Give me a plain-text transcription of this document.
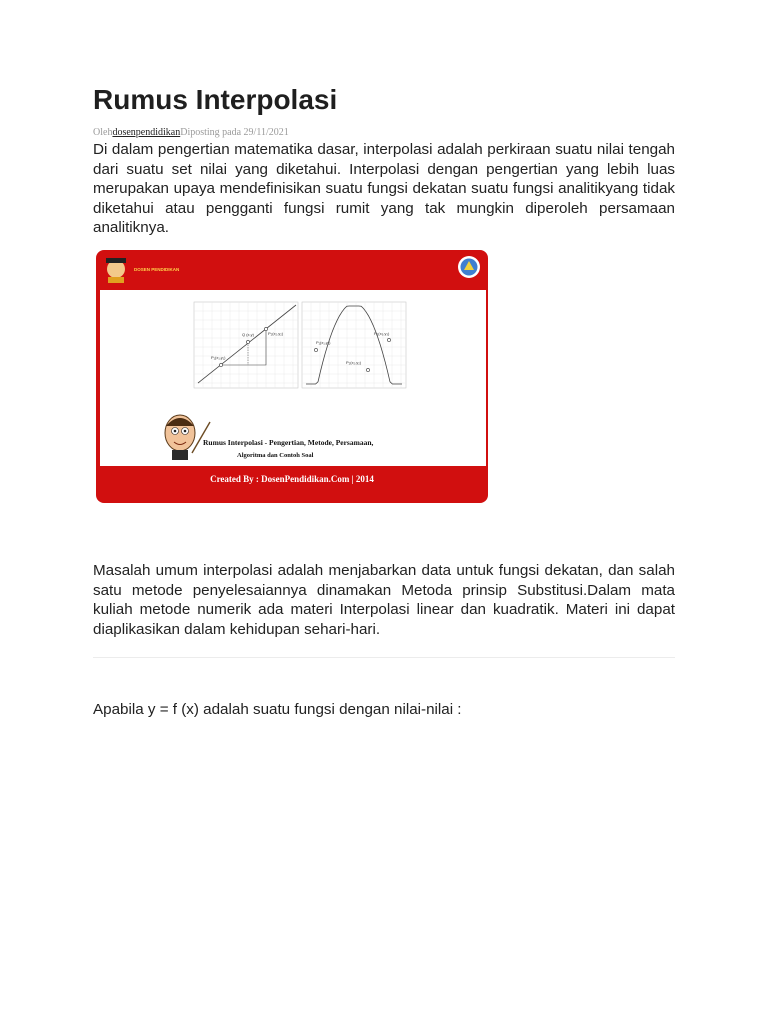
Rumus Interpolasi
OlehdosenpendidikanDiposting pada 29/11/2021

Di dalam pengertian matematika dasar, interpolasi adalah perkiraan suatu nilai tengah dari suatu set nilai yang diketahui. Interpolasi dengan pengertian yang lebih luas merupakan upaya mendefinisikan suatu fungsi dekatan suatu fungsi analitikyang tidak diketahui atau pengganti fungsi rumit yang tak mungkin diperoleh persamaan analitiknya.

DOSEN PENDIDIKAN
P₁(x₁,y₁)
Q (x,y)	P₂(x₂,y₂)
P₁(x₁,y₁)
P₂(x₂,y₂)
P₃(x₃,y₃)
Rumus Interpolasi - Pengertian, Metode, Persamaan,
Algoritma dan Contoh Soal
Created By : DosenPendidikan.Com | 2014

Masalah umum interpolasi adalah menjabarkan data untuk fungsi dekatan, dan salah satu metode penyelesaiannya dinamakan Metoda prinsip Substitusi.Dalam mata kuliah metode numerik ada materi Interpolasi linear dan kuadratik. Materi ini dapat diaplikasikan dalam kehidupan sehari-hari.

Apabila y = f (x) adalah suatu fungsi dengan nilai-nilai :
